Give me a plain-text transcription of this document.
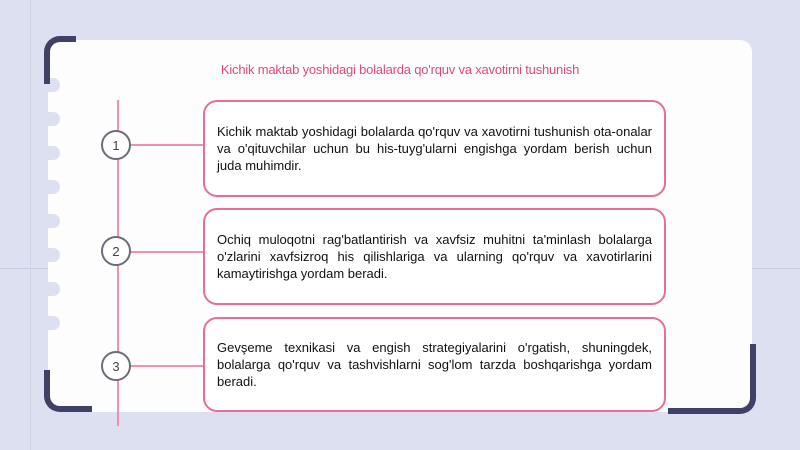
Kichik maktab yoshidagi bolalarda qo'rquv va xavotirni tushunish
1
2
3

Kichik maktab yoshidagi bolalarda qo'rquv va xavotirni tushunish ota-onalar va o'qituvchilar uchun bu his-tuyg'ularni engishga yordam berish uchun juda muhimdir.

Ochiq muloqotni rag'batlantirish va xavfsiz muhitni ta'minlash bolalarga o'zlarini xavfsizroq his qilishlariga va ularning qo'rquv va xavotirlarini kamaytirishga yordam beradi.

Gevşeme texnikasi va engish strategiyalarini o'rgatish, shuningdek, bolalarga qo'rquv va tashvishlarni sog'lom tarzda boshqarishga yordam beradi.
